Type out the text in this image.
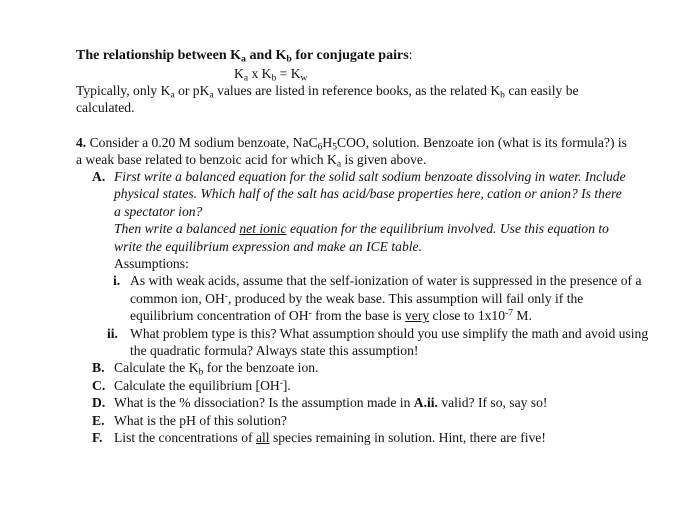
The relationship between $K_a$ and $K_b$ for conjugate pairs:
$K_a$ x $K_b = K_w$

Typically, only $K_a$ or $pK_a$ values are listed in reference books, as the related $K_b$ can easily be calculated.

4. Consider a 0.20 M sodium benzoate, $NaC_6H_5COO$, solution. Benzoate ion (what is its formula?) is a weak base related to benzoic acid for which $K_a$ is given above.

A. First write a balanced equation for the solid salt sodium benzoate dissolving in water. Include physical states. Which half of the salt has acid/base properties here, cation or anion? Is there a spectator ion?
Then write a balanced net ionic equation for the equilibrium involved. Use this equation to write the equilibrium expression and make an ICE table.
Assumptions:
i. As with weak acids, assume that the self-ionization of water is suppressed in the presence of a common ion, OH-, produced by the weak base. This assumption will fail only if the equilibrium concentration of OH- from the base is very close to $1x10^{-7}$ M.
ii. What problem type is this? What assumption should you use simplify the math and avoid using the quadratic formula? Always state this assumption!
B. Calculate the $K_b$ for the benzoate ion.
C. Calculate the equilibrium [OH-].
D. What is the % dissociation? Is the assumption made in A.ii. valid? If so, say so!
E. What is the pH of this solution?
F. List the concentrations of all species remaining in solution. Hint, there are five!
